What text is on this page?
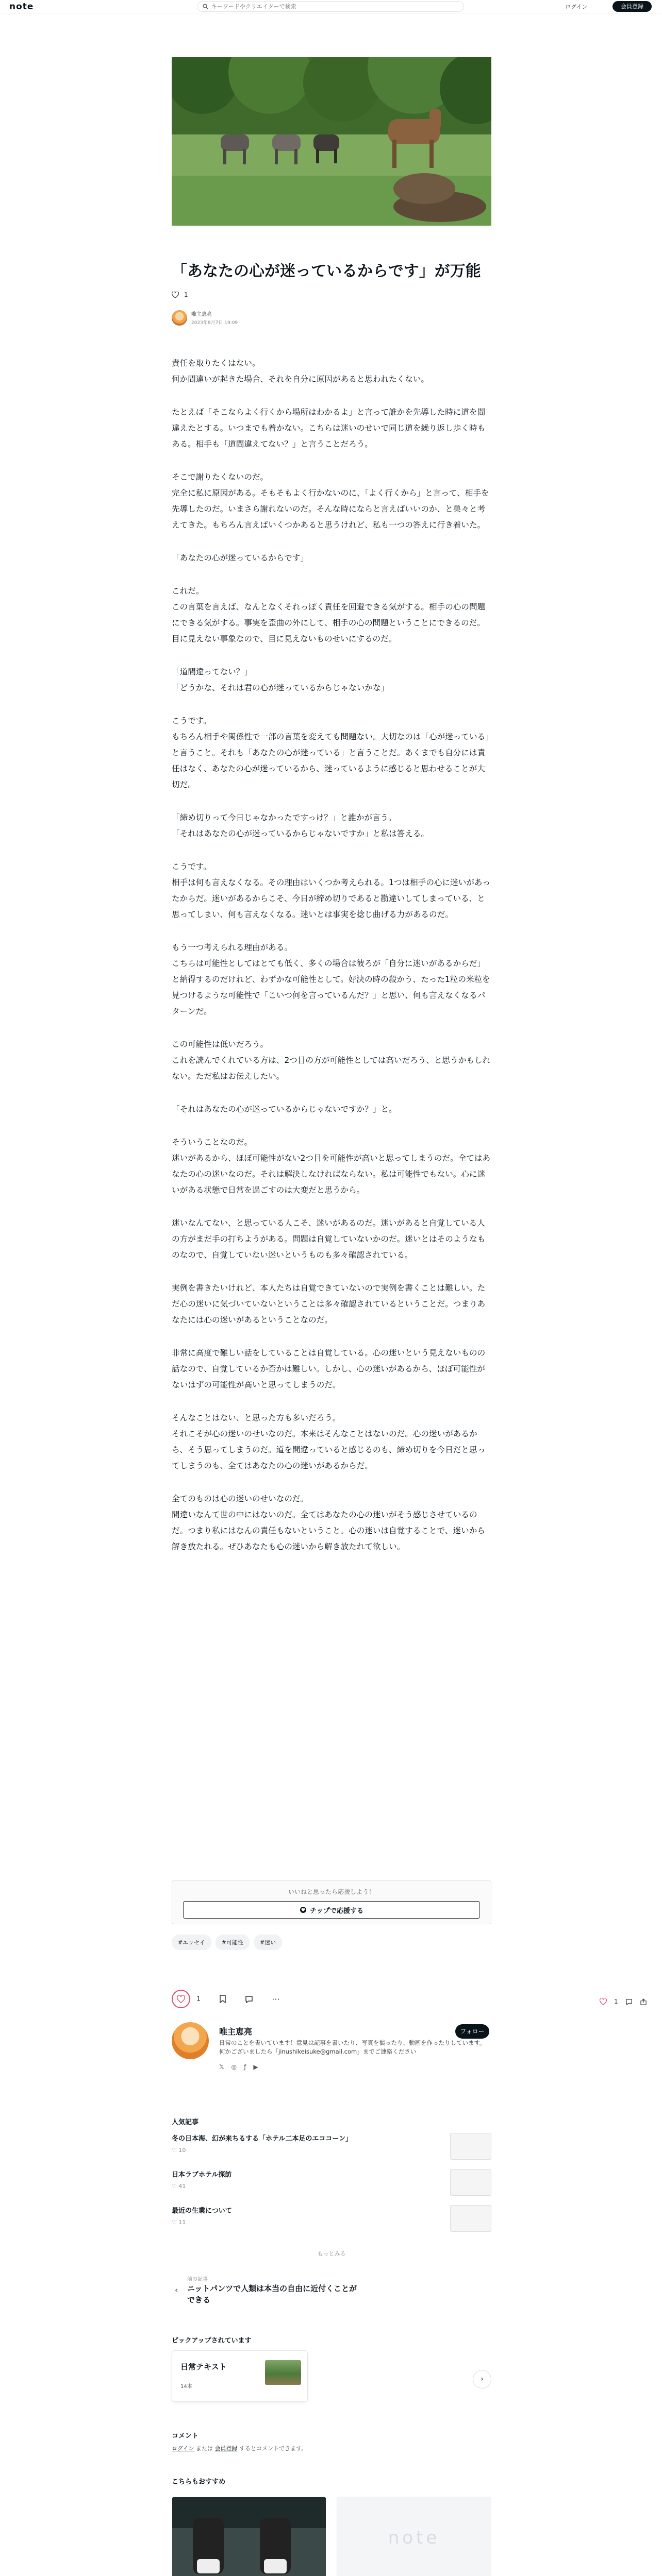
note
キーワードやクリエイターで検索	ログイン	会員登録
「あなたの心が迷っているからです」が万能
1
唯主恵亮
2023年8月7日 19:09

責任を取りたくはない。
何か間違いが起きた場合、それを自分に原因があると思われたくない。

たとえば「そこならよく行くから場所はわかるよ」と言って誰かを先導した時に道を間違えたとする。いつまでも着かない。こちらは迷いのせいで同じ道を繰り返し歩く時もある。相手も「道間違えてない？」と言うことだろう。

そこで謝りたくないのだ。
完全に私に原因がある。そもそもよく行かないのに、「よく行くから」と言って、相手を先導したのだ。いまさら謝れないのだ。そんな時にならと言えばいいのか、と巣々と考えてきた。もちろん言えばいくつかあると思うけれど、私も一つの答えに行き着いた。

「あなたの心が迷っているからです」

これだ。
この言葉を言えば、なんとなくそれっぽく責任を回避できる気がする。相手の心の問題にできる気がする。事実を歪曲の外にして、相手の心の問題ということにできるのだ。目に見えない事象なので、目に見えないものせいにするのだ。

「道間違ってない？」
「どうかな、それは君の心が迷っているからじゃないかな」

こうです。
もちろん相手や関係性で一部の言葉を変えても問題ない。大切なのは「心が迷っている」と言うこと。それも「あなたの心が迷っている」と言うことだ。あくまでも自分には責任はなく、あなたの心が迷っているから、迷っているように感じると思わせることが大切だ。

「締め切りって今日じゃなかったですっけ？」と誰かが言う。
「それはあなたの心が迷っているからじゃないですか」と私は答える。

こうです。
相手は何も言えなくなる。その理由はいくつか考えられる。1つは相手の心に迷いがあったからだ。迷いがあるからこそ、今日が締め切りであると勘違いしてしまっている、と思ってしまい、何も言えなくなる。迷いとは事実を捻じ曲げる力があるのだ。

もう一つ考えられる理由がある。
こちらは可能性としてはとても低く、多くの場合は彼ろが「自分に迷いがあるからだ」と納得するのだけれど、わずかな可能性として。好決の時の殺かう、たった1粒の米粒を見つけるような可能性で「こいつ何を言っているんだ？」と思い、何も言えなくなるパターンだ。

この可能性は低いだろう。
これを読んでくれている方は、2つ目の方が可能性としては高いだろう、と思うかもしれない。ただ私はお伝えしたい。

「それはあなたの心が迷っているからじゃないですか？」と。

そういうことなのだ。
迷いがあるから、ほぼ可能性がない2つ目を可能性が高いと思ってしまうのだ。全てはあなたの心の迷いなのだ。それは解決しなければならない。私は可能性でもない。心に迷いがある状態で日常を過ごすのは大変だと思うから。

迷いなんてない、と思っている人こそ、迷いがあるのだ。迷いがあると自覚している人の方がまだ手の打ちようがある。問題は自覚していないかのだ。迷いとはそのようなものなので、自覚していない迷いというものも多々確認されている。

実例を書きたいけれど、本人たちは自覚できていないので実例を書くことは難しい。ただ心の迷いに気づいていないということは多々確認されているということだ。つまりあなたには心の迷いがあるということなのだ。

非常に高度で難しい話をしていることは自覚している。心の迷いという見えないものの話なので、自覚しているか否かは難しい。しかし、心の迷いがあるから、ほぼ可能性がないはずの可能性が高いと思ってしまうのだ。

そんなことはない、と思った方も多いだろう。
それこそが心の迷いのせいなのだ。本来はそんなことはないのだ。心の迷いがあるから、そう思ってしまうのだ。道を間違っていると感じるのも、締め切りを今日だと思ってしまうのも、全てはあなたの心の迷いがあるからだ。

全てのものは心の迷いのせいなのだ。
間違いなんて世の中にはないのだ。全てはあなたの心の迷いがそう感じさせているのだ。つまり私にはなんの責任もないということ。心の迷いは自覚することで、迷いから解き放たれる。ぜひあなたも心の迷いから解き放たれて欲しい。

いいねと思ったら応援しよう！
チップで応援する
#エッセイ	#可能性	#迷い
1	···	1
唯主恵亮	フォロー
日常のことを書いています！意見は記事を書いたり、写真を撮ったり、動画を作ったりしています。
何かございましたら「jinushikeisuke@gmail.com」までご連絡ください
𝕏 ◎ ƒ ▶
人気記事
冬の日本海、幻が来ちるする「ホテル二本足のエココーン」
♡ 10
日本ラブホテル探訪
♡ 41
最近の生業について
♡ 11
もっとみる
‹
前の記事
ニットパンツで人類は本当の自由に近付くことができる
ピックアップされています
日常テキスト
14本
›
コメント
ログイン または 会員登録 するとコメントできます。
こちらもおすすめ
note
